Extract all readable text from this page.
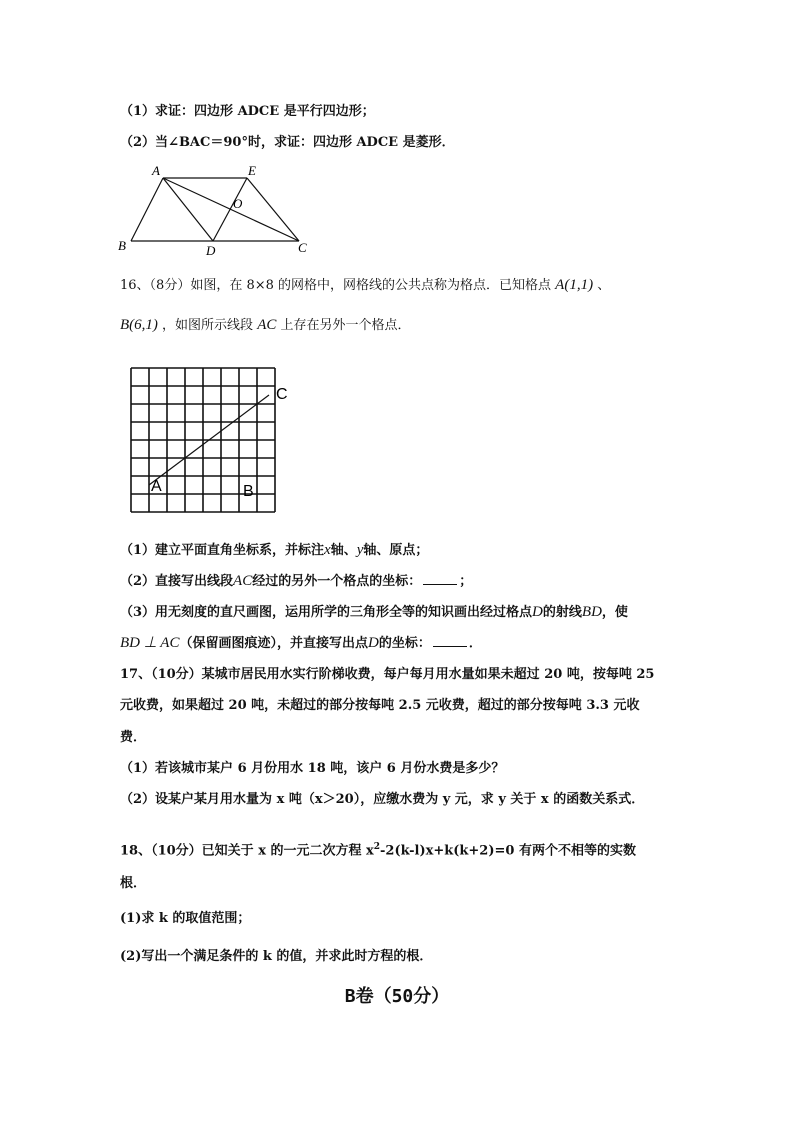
（1）求证：四边形 ADCE 是平行四边形；
（2）当∠BAC＝90°时，求证：四边形 ADCE 是菱形．
A	E
O
B	D	C
16、（8分）如图，在 8×8 的网格中，网格线的公共点称为格点．已知格点 A(1,1) 、
B(6,1) ，如图所示线段 AC 上存在另外一个格点．
A	B
C
（1）建立平面直角坐标系，并标注x轴、y轴、原点；
（2）直接写出线段AC经过的另外一个格点的坐标：	；
（3）用无刻度的直尺画图，运用所学的三角形全等的知识画出经过格点D的射线BD，使
BD ⊥ AC（保留画图痕迹），并直接写出点D的坐标：	．
17、（10分）某城市居民用水实行阶梯收费，每户每月用水量如果未超过 20 吨，按每吨 25
元收费，如果超过 20 吨，未超过的部分按每吨 2.5 元收费，超过的部分按每吨 3.3 元收
费．
（1）若该城市某户 6 月份用水 18 吨，该户 6 月份水费是多少？
（2）设某户某月用水量为 x 吨（x＞20），应缴水费为 y 元，求 y 关于 x 的函数关系式．
18、（10分）已知关于 x 的一元二次方程 $x^2-2(k-l)x+k(k+2)=0$ 有两个不相等的实数
根．
(1)求 k 的取值范围；
(2)写出一个满足条件的 k 的值，并求此时方程的根．
B卷（50分）
